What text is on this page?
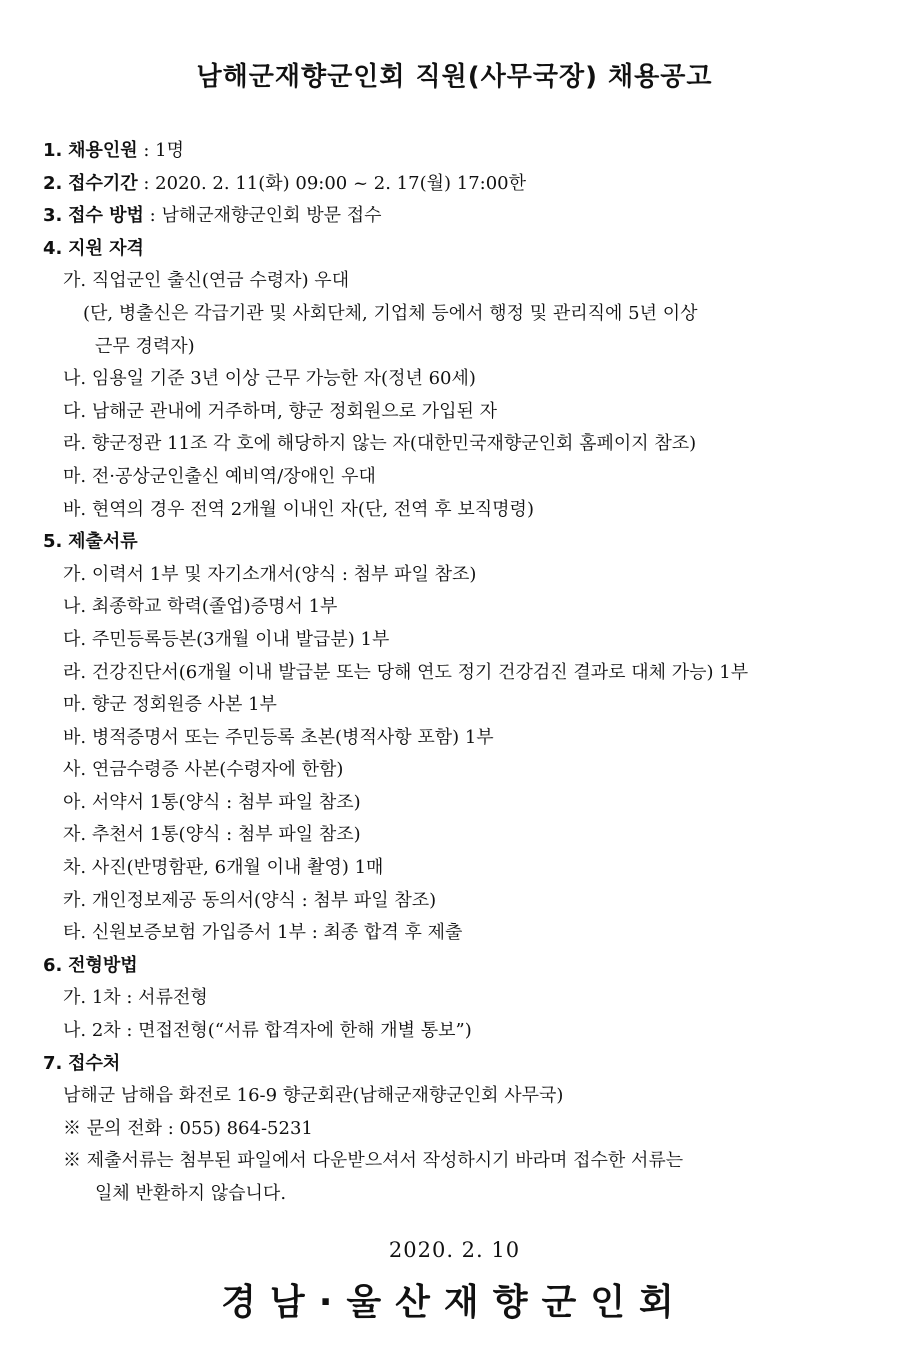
남해군재향군인회 직원(사무국장) 채용공고
1. 채용인원 : 1명
2. 접수기간 : 2020. 2. 11(화) 09:00 ~ 2. 17(월) 17:00한
3. 접수 방법 : 남해군재향군인회 방문 접수
4. 지원 자격
가. 직업군인 출신(연금 수령자) 우대
(단, 병출신은 각급기관 및 사회단체, 기업체 등에서 행정 및 관리직에 5년 이상
근무 경력자)
나. 임용일 기준 3년 이상 근무 가능한 자(정년 60세)
다. 남해군 관내에 거주하며, 향군 정회원으로 가입된 자
라. 향군정관 11조 각 호에 해당하지 않는 자(대한민국재향군인회 홈페이지 참조)
마. 전·공상군인출신 예비역/장애인 우대
바. 현역의 경우 전역 2개월 이내인 자(단, 전역 후 보직명령)
5. 제출서류
가. 이력서 1부 및 자기소개서(양식 : 첨부 파일 참조)
나. 최종학교 학력(졸업)증명서 1부
다. 주민등록등본(3개월 이내 발급분) 1부
라. 건강진단서(6개월 이내 발급분 또는 당해 연도 정기 건강검진 결과로 대체 가능) 1부
마. 향군 정회원증 사본 1부
바. 병적증명서 또는 주민등록 초본(병적사항 포함) 1부
사. 연금수령증 사본(수령자에 한함)
아. 서약서 1통(양식 : 첨부 파일 참조)
자. 추천서 1통(양식 : 첨부 파일 참조)
차. 사진(반명함판, 6개월 이내 촬영) 1매
카. 개인정보제공 동의서(양식 : 첨부 파일 참조)
타. 신원보증보험 가입증서 1부 : 최종 합격 후 제출
6. 전형방법
가. 1차 : 서류전형
나. 2차 : 면접전형(“서류 합격자에 한해 개별 통보”)
7. 접수처
남해군 남해읍 화전로 16-9 향군회관(남해군재향군인회 사무국)
※ 문의 전화 : 055) 864-5231
※ 제출서류는 첨부된 파일에서 다운받으셔서 작성하시기 바라며 접수한 서류는
일체 반환하지 않습니다.
2020. 2. 10
경남·울산재향군인회
